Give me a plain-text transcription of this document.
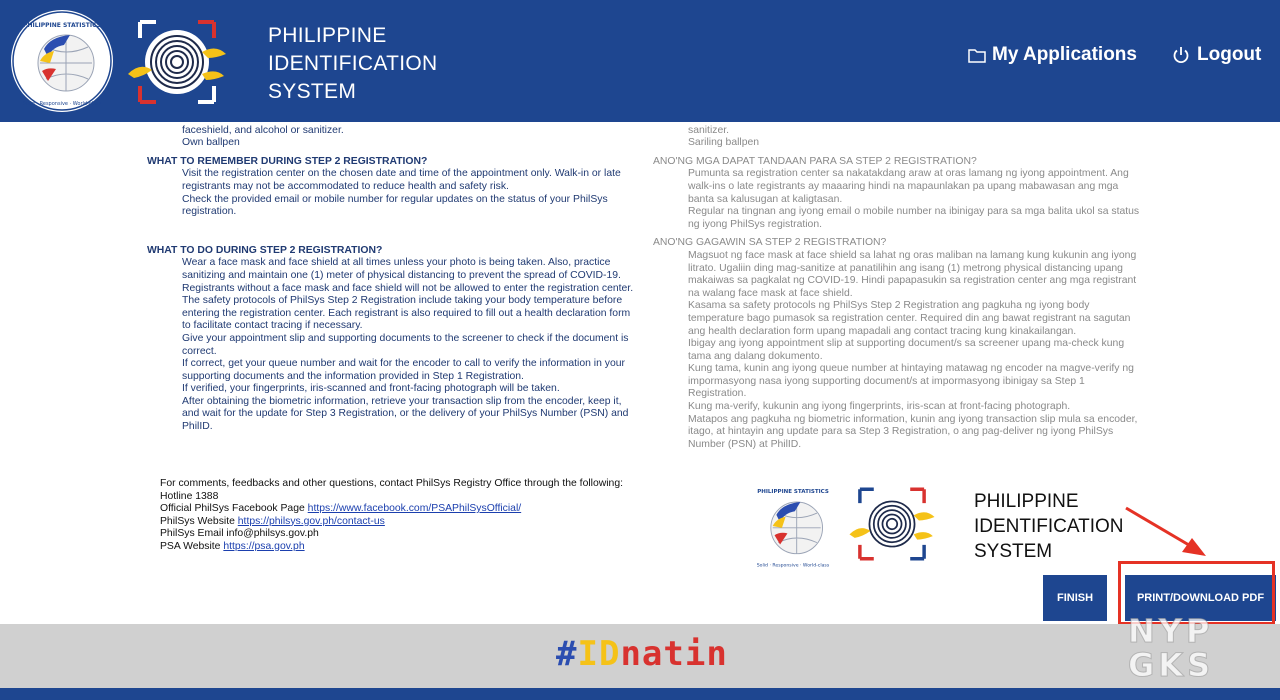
PHILIPPINE STATISTICS
Solid · Responsive · World-class
PHILIPPINE
IDENTIFICATION
SYSTEM
My Applications	Logout

faceshield, and alcohol or sanitizer.

Own ballpen

WHAT TO REMEMBER DURING STEP 2 REGISTRATION?

Visit the registration center on the chosen date and time of the appointment only. Walk-in or late registrants may not be accommodated to reduce health and safety risk.

Check the provided email or mobile number for regular updates on the status of your PhilSys registration.

WHAT TO DO DURING STEP 2 REGISTRATION?

Wear a face mask and face shield at all times unless your photo is being taken. Also, practice sanitizing and maintain one (1) meter of physical distancing to prevent the spread of COVID-19. Registrants without a face mask and face shield will not be allowed to enter the registration center.

The safety protocols of PhilSys Step 2 Registration include taking your body temperature before entering the registration center. Each registrant is also required to fill out a health declaration form to facilitate contact tracing if necessary.

Give your appointment slip and supporting documents to the screener to check if the document is correct.

If correct, get your queue number and wait for the encoder to call to verify the information in your supporting documents and the information provided in Step 1 Registration.

If verified, your fingerprints, iris-scanned and front-facing photograph will be taken.

After obtaining the biometric information, retrieve your transaction slip from the encoder, keep it, and wait for the update for Step 3 Registration, or the delivery of your PhilSys Number (PSN) and PhilID.

sanitizer.

Sariling ballpen

ANO'NG MGA DAPAT TANDAAN PARA SA STEP 2 REGISTRATION?

Pumunta sa registration center sa nakatakdang araw at oras lamang ng iyong appointment. Ang walk-ins o late registrants ay maaaring hindi na mapaunlakan pa upang mabawasan ang mga banta sa kalusugan at kaligtasan.

Regular na tingnan ang iyong email o mobile number na ibinigay para sa mga balita ukol sa status ng iyong PhilSys registration.

ANO'NG GAGAWIN SA STEP 2 REGISTRATION?

Magsuot ng face mask at face shield sa lahat ng oras maliban na lamang kung kukunin ang iyong litrato. Ugaliin ding mag-sanitize at panatilihin ang isang (1) metrong physical distancing upang makaiwas sa pagkalat ng COVID-19. Hindi papapasukin sa registration center ang mga registrant na walang face mask at face shield.

Kasama sa safety protocols ng PhilSys Step 2 Registration ang pagkuha ng iyong body temperature bago pumasok sa registration center. Required din ang bawat registrant na sagutan ang health declaration form upang mapadali ang contact tracing kung kinakailangan.

Ibigay ang iyong appointment slip at supporting document/s sa screener upang ma-check kung tama ang dalang dokumento.

Kung tama, kunin ang iyong queue number at hintaying matawag ng encoder na magve-verify ng impormasyong nasa iyong supporting document/s at impormasyong ibinigay sa Step 1 Registration.

Kung ma-verify, kukunin ang iyong fingerprints, iris-scan at front-facing photograph.

Matapos ang pagkuha ng biometric information, kunin ang iyong transaction slip mula sa encoder, itago, at hintayin ang update para sa Step 3 Registration, o ang pag-deliver ng iyong PhilSys Number (PSN) at PhilID.

For comments, feedbacks and other questions, contact PhilSys Registry Office through the following:

Hotline 1388

Official PhilSys Facebook Page https://www.facebook.com/PSAPhilSysOfficial/

PhilSys Website https://philsys.gov.ph/contact-us

PhilSys Email info@philsys.gov.ph

PSA Website https://psa.gov.ph

PHILIPPINE STATISTICS
Solid · Responsive · World-class
PHILIPPINE
IDENTIFICATION
SYSTEM
FINISH	PRINT/DOWNLOAD PDF
#IDnatin
NYP
GKS
